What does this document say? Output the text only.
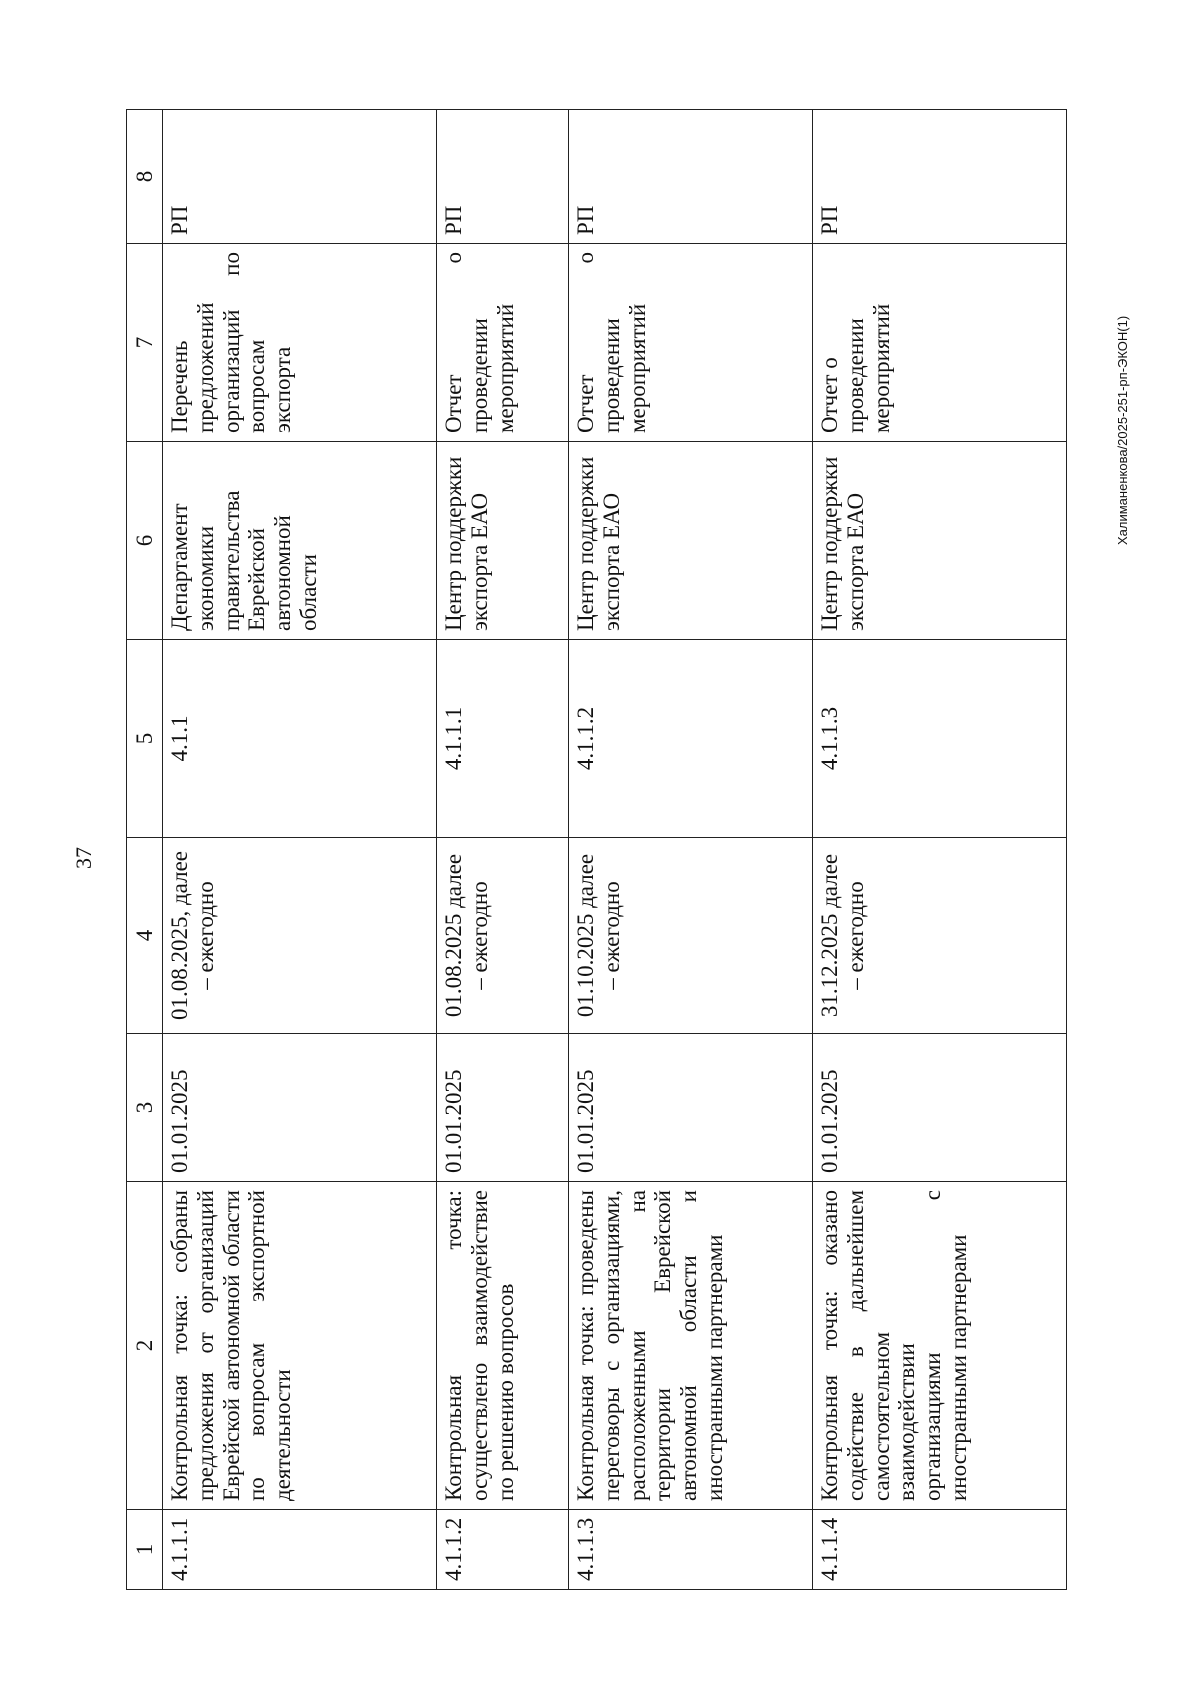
37
1	2	3	4	5	6	7	8
4.1.1.1	Контрольная точка: собраны предложения от организаций Еврейской автономной области по вопросам экспортной деятельности	01.01.2025	01.08.2025, далее – ежегодно	4.1.1	Департамент экономики правительства Еврейской автономной области	Перечень предложений организаций по вопросам экспорта	РП
4.1.1.2	Контрольная точка: осуществлено взаимодействие по решению вопросов	01.01.2025	01.08.2025 далее – ежегодно	4.1.1.1	Центр поддержки экспорта ЕАО	Отчет о проведении мероприятий	РП
4.1.1.3	Контрольная точка: проведены переговоры с организациями, расположенными на территории Еврейской автономной области и иностранными партнерами	01.01.2025	01.10.2025 далее – ежегодно	4.1.1.2	Центр поддержки экспорта ЕАО	Отчет о проведении мероприятий	РП
4.1.1.4	Контрольная точка: оказано содействие в дальнейшем самостоятельном взаимодействии организациями с иностранными партнерами	01.01.2025	31.12.2025 далее – ежегодно	4.1.1.3	Центр поддержки экспорта ЕАО	Отчет о проведении мероприятий	РП
Халиманенкова/2025-251-рп-ЭКОН(1)
